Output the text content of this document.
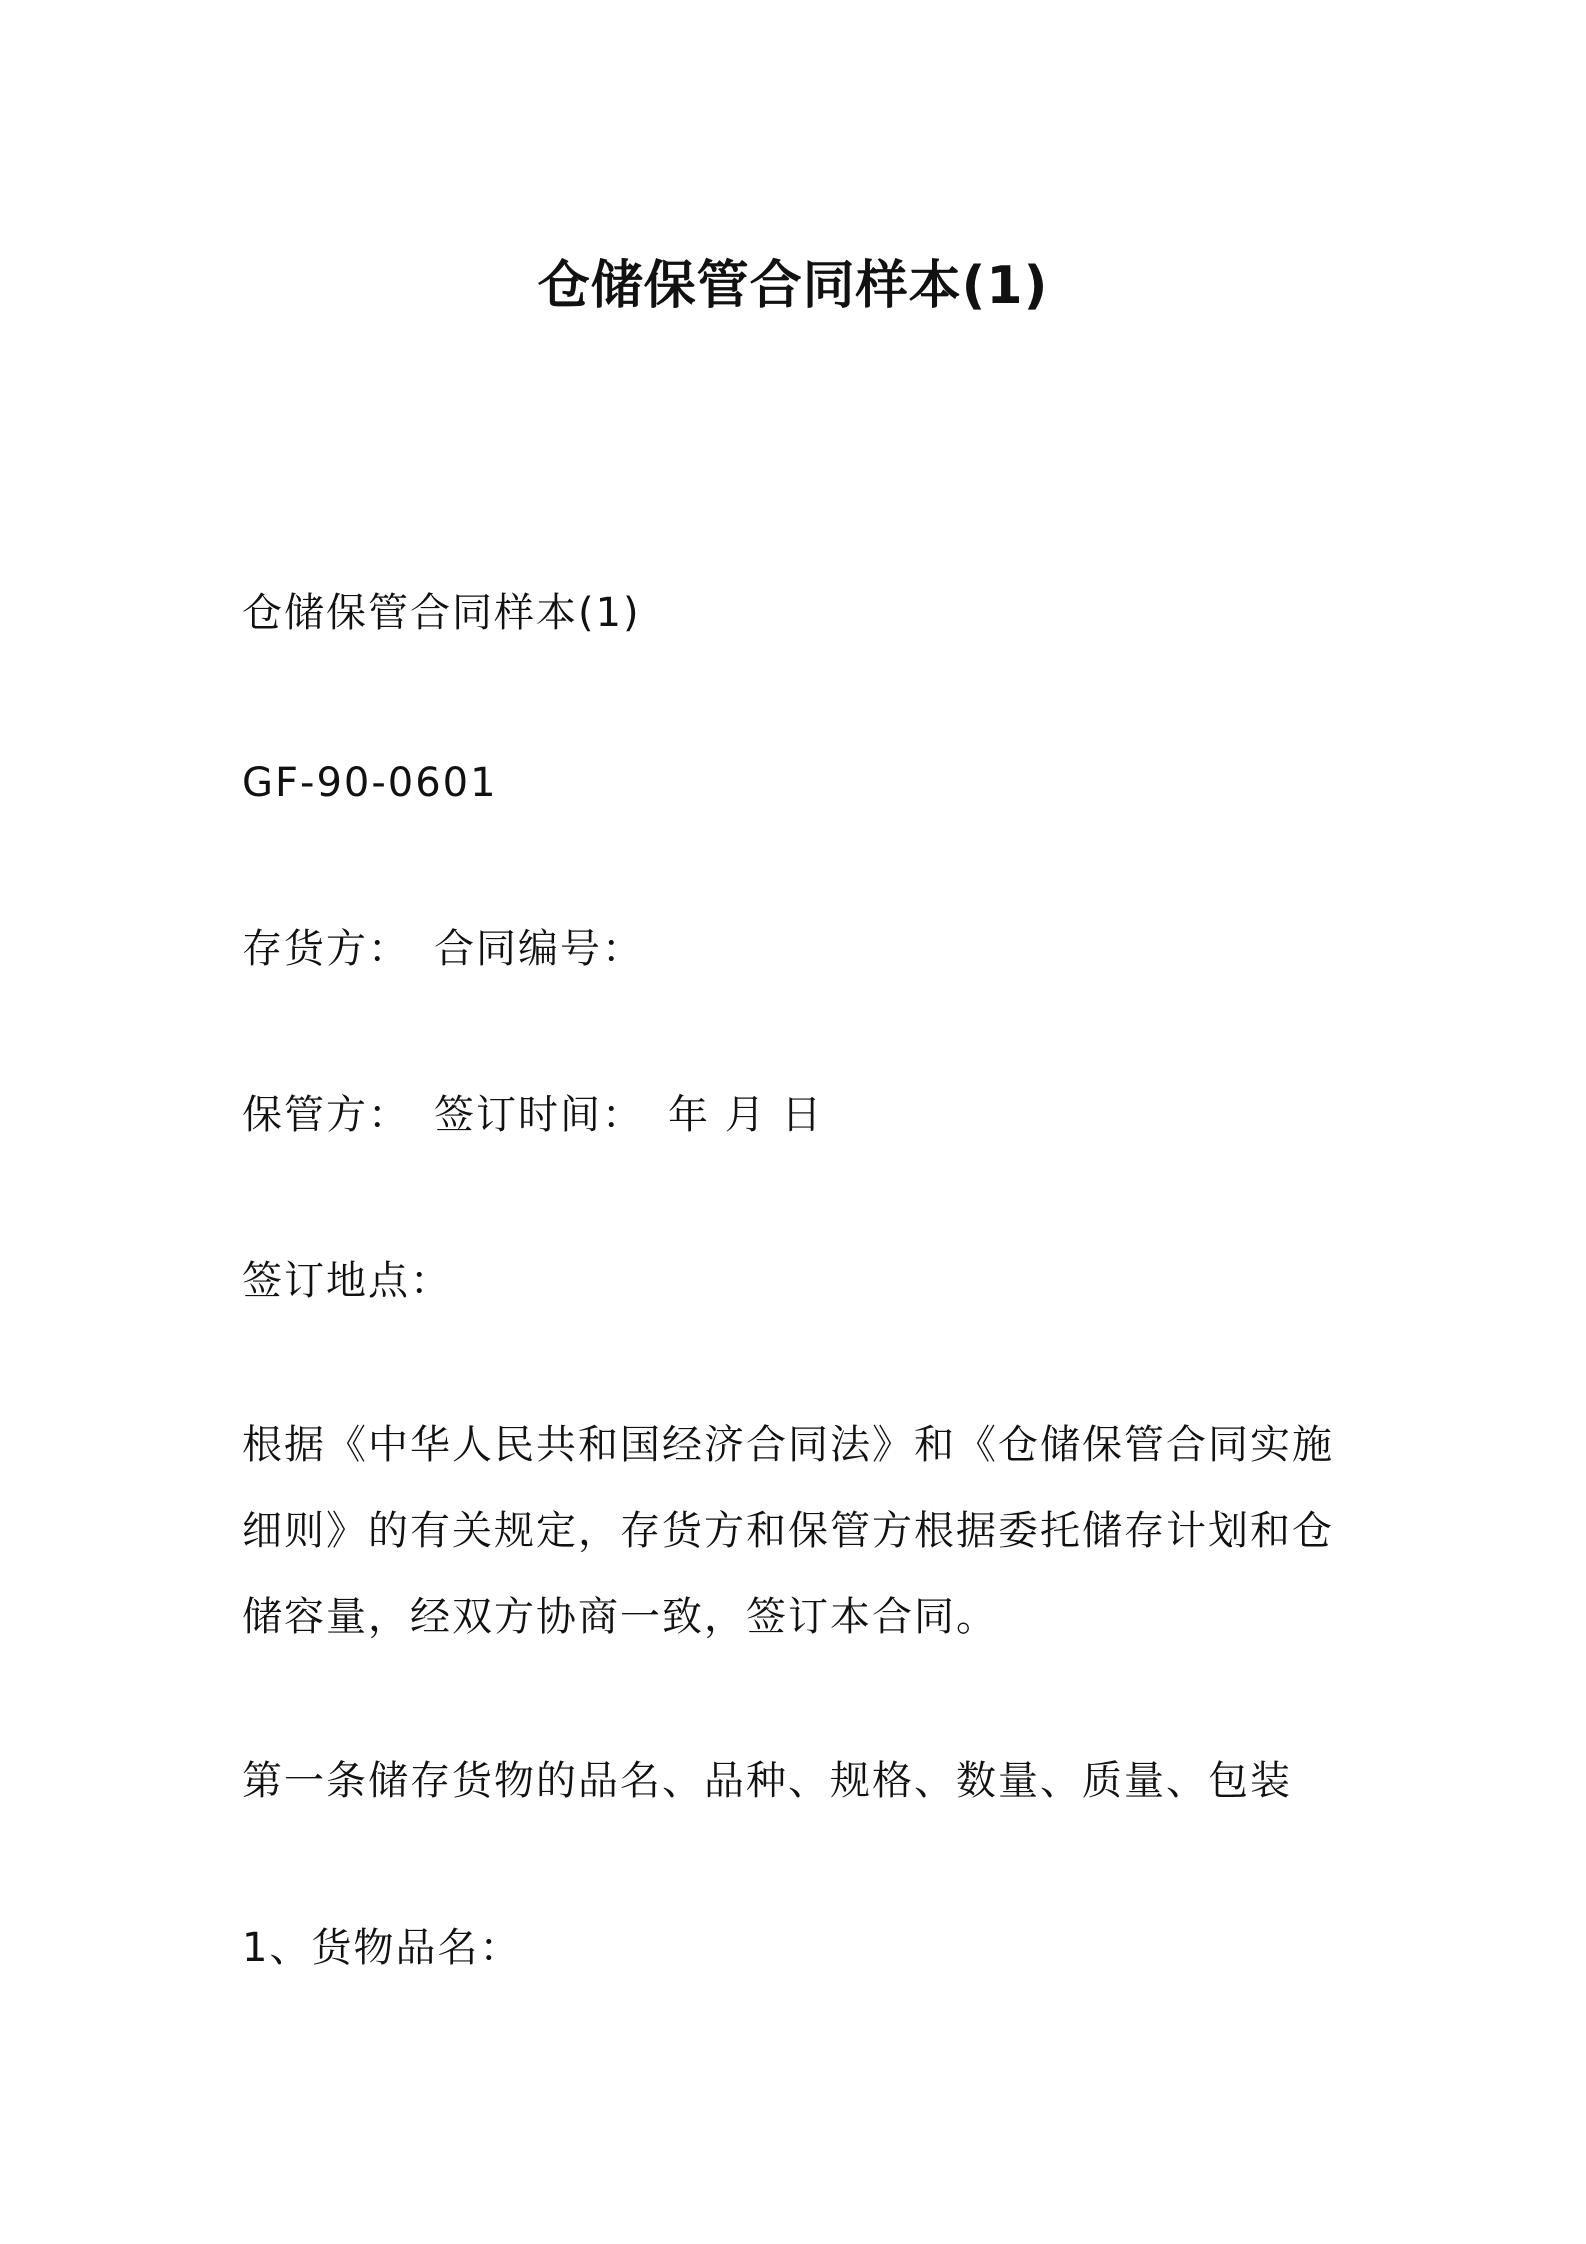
仓储保管合同样本(1)

仓储保管合同样本(1)

GF-90-0601

存货方： 合同编号：

保管方： 签订时间： 年 月 日

签订地点：

根据《中华人民共和国经济合同法》和《仓储保管合同实施
细则》的有关规定，存货方和保管方根据委托储存计划和仓
储容量，经双方协商一致，签订本合同。

第一条储存货物的品名、品种、规格、数量、质量、包装

1、货物品名：
